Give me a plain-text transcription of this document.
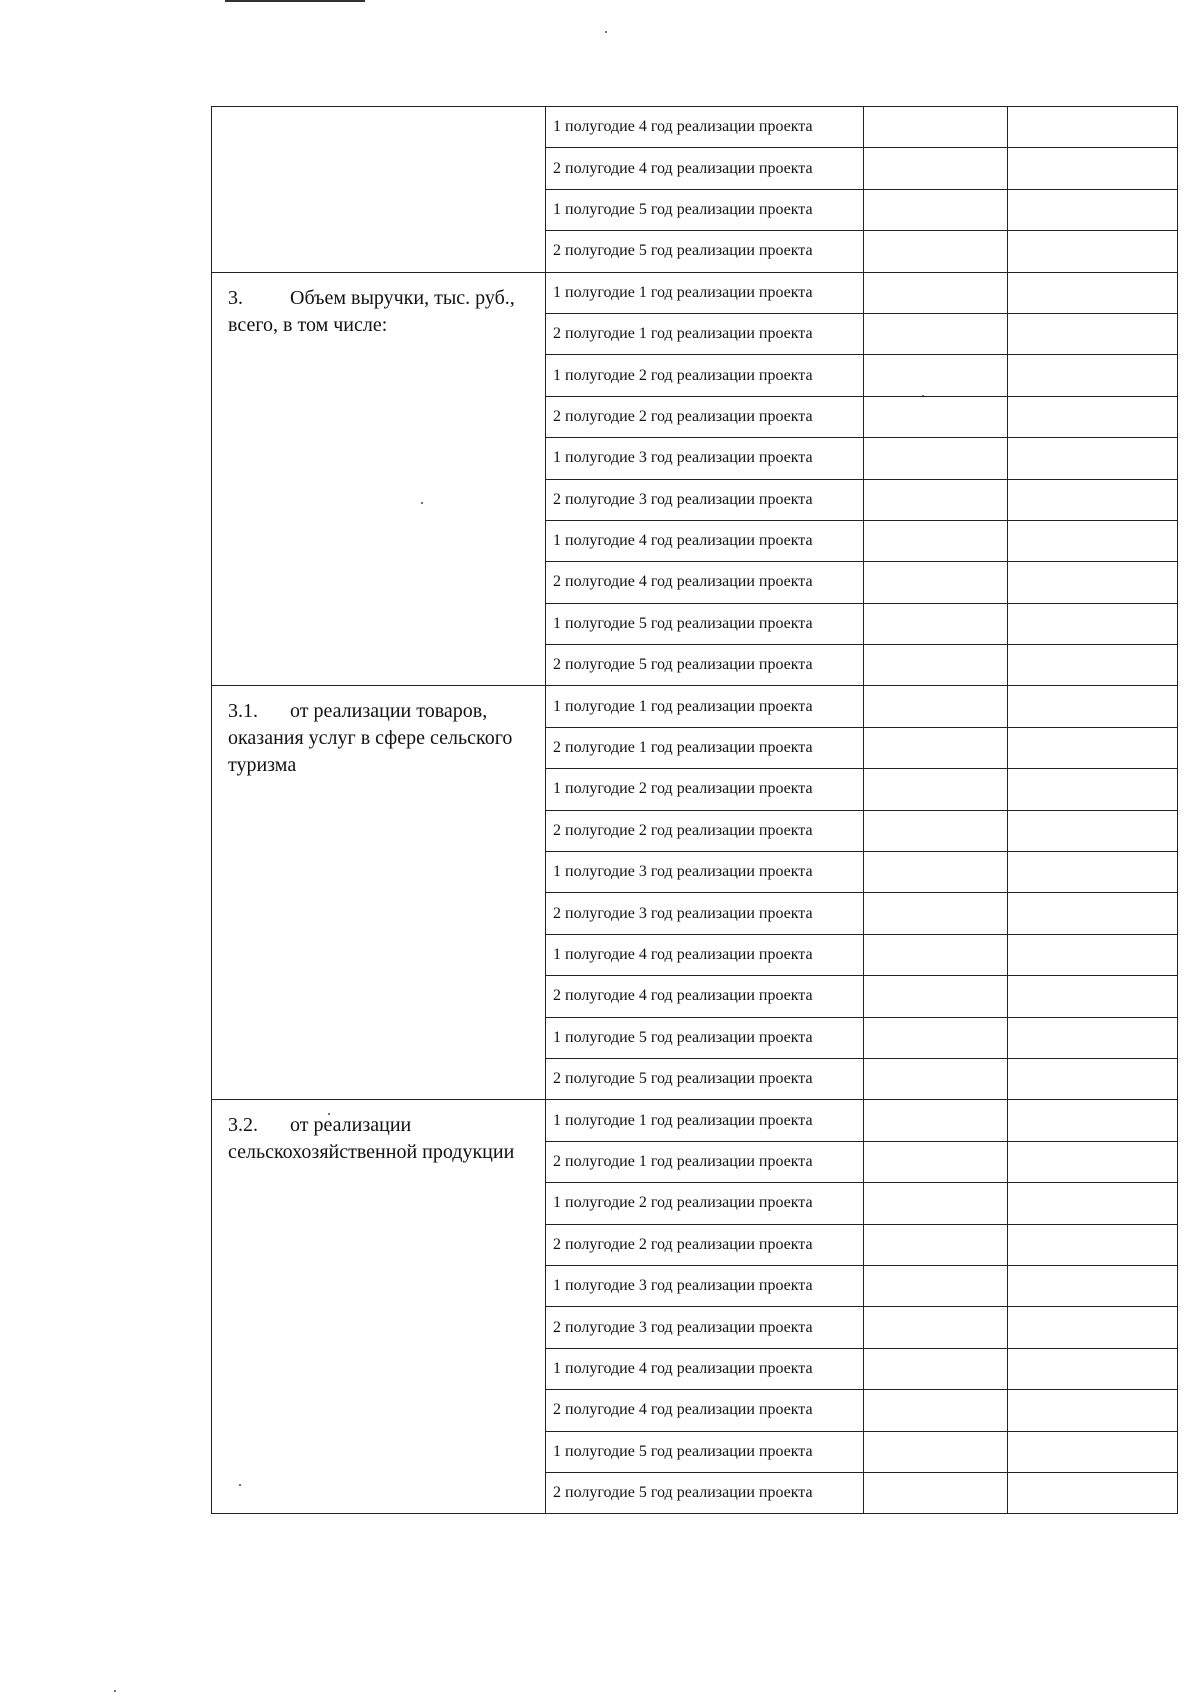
	1 полугодие 4 год реализации проекта		
	2 полугодие 4 год реализации проекта		
	1 полугодие 5 год реализации проекта		
	2 полугодие 5 год реализации проекта		
3. Объем выручки, тыс. руб., всего, в том числе:	1 полугодие 1 год реализации проекта		
	2 полугодие 1 год реализации проекта		
	1 полугодие 2 год реализации проекта		
	2 полугодие 2 год реализации проекта		
	1 полугодие 3 год реализации проекта		
	2 полугодие 3 год реализации проекта		
	1 полугодие 4 год реализации проекта		
	2 полугодие 4 год реализации проекта		
	1 полугодие 5 год реализации проекта		
	2 полугодие 5 год реализации проекта		
3.1. от реализации товаров, оказания услуг в сфере сельского туризма	1 полугодие 1 год реализации проекта		
	2 полугодие 1 год реализации проекта		
	1 полугодие 2 год реализации проекта		
	2 полугодие 2 год реализации проекта		
	1 полугодие 3 год реализации проекта		
	2 полугодие 3 год реализации проекта		
	1 полугодие 4 год реализации проекта		
	2 полугодие 4 год реализации проекта		
	1 полугодие 5 год реализации проекта		
	2 полугодие 5 год реализации проекта		
3.2. от реализации сельскохозяйственной продукции	1 полугодие 1 год реализации проекта		
	2 полугодие 1 год реализации проекта		
	1 полугодие 2 год реализации проекта		
	2 полугодие 2 год реализации проекта		
	1 полугодие 3 год реализации проекта		
	2 полугодие 3 год реализации проекта		
	1 полугодие 4 год реализации проекта		
	2 полугодие 4 год реализации проекта		
	1 полугодие 5 год реализации проекта		
	2 полугодие 5 год реализации проекта		
